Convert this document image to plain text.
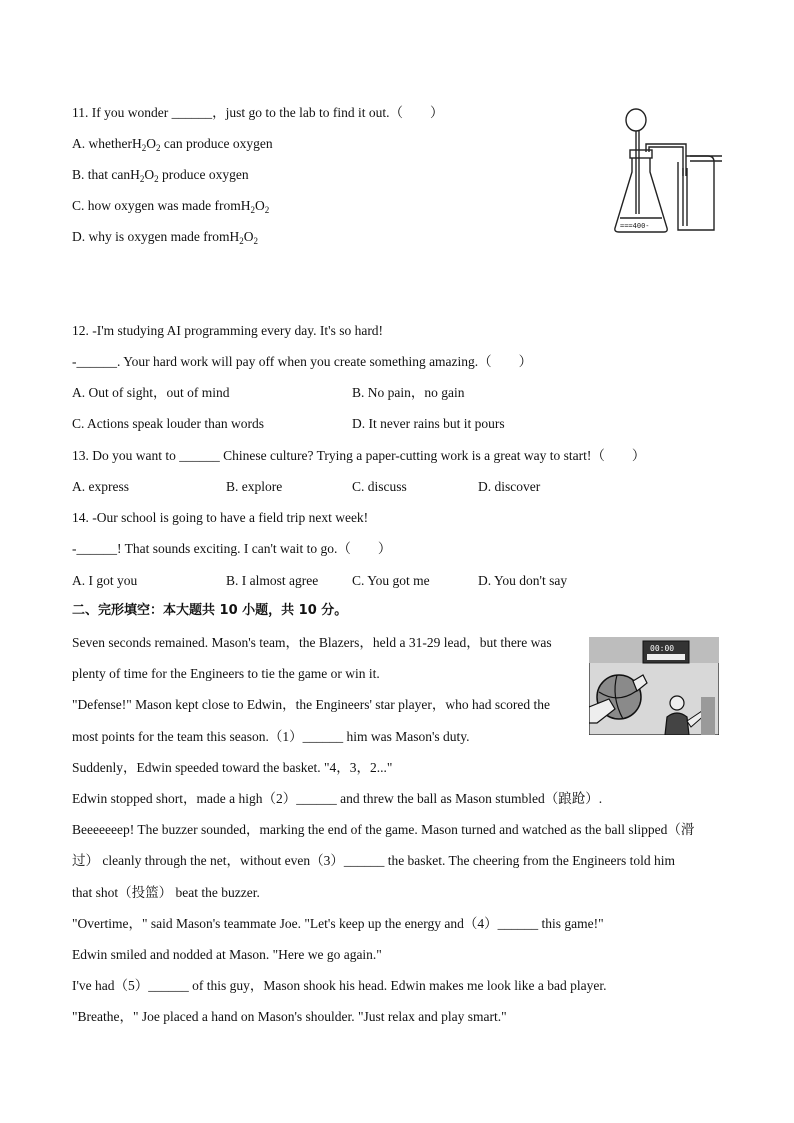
11. If you wonder ______，just go to the lab to find it out.（　　）
A. $whetherH_2O_2$ can produce oxygen
B. that $canH_2O_2$ produce oxygen
C. how oxygen was made $fromH_2O_2$
D. why is oxygen made $fromH_2O_2$
===400-
12. -I'm studying AI programming every day. It's so hard!
-______. Your hard work will pay off when you create something amazing.（　　）
A. Out of sight，out of mind	B. No pain，no gain
C. Actions speak louder than words	D. It never rains but it pours
13. Do you want to ______ Chinese culture? Trying a paper-cutting work is a great way to start!（　　）
A. express	B. explore	C. discuss	D. discover
14. -Our school is going to have a field trip next week!
-______! That sounds exciting. I can't wait to go.（　　）
A. I got you	B. I almost agree	C. You got me	D. You don't say
二、完形填空：本大题共 10 小题，共 10 分。
00:00
Seven seconds remained. Mason's team，the Blazers，held a 31-29 lead，but there was
plenty of time for the Engineers to tie the game or win it.
"Defense!" Mason kept close to Edwin，the Engineers' star player，who had scored the
most points for the team this season.（1）______ him was Mason's duty.
Suddenly，Edwin speeded toward the basket. "4，3，2..."
Edwin stopped short，made a high（2）______ and threw the ball as Mason stumbled（踉跄）.
Beeeeeeep! The buzzer sounded，marking the end of the game. Mason turned and watched as the ball slipped（滑
过） cleanly through the net，without even（3）______ the basket. The cheering from the Engineers told him
that shot（投篮） beat the buzzer.
"Overtime，" said Mason's teammate Joe. "Let's keep up the energy and（4）______ this game!"
Edwin smiled and nodded at Mason. "Here we go again."
I've had（5）______ of this guy，Mason shook his head. Edwin makes me look like a bad player.
"Breathe，" Joe placed a hand on Mason's shoulder. "Just relax and play smart."
